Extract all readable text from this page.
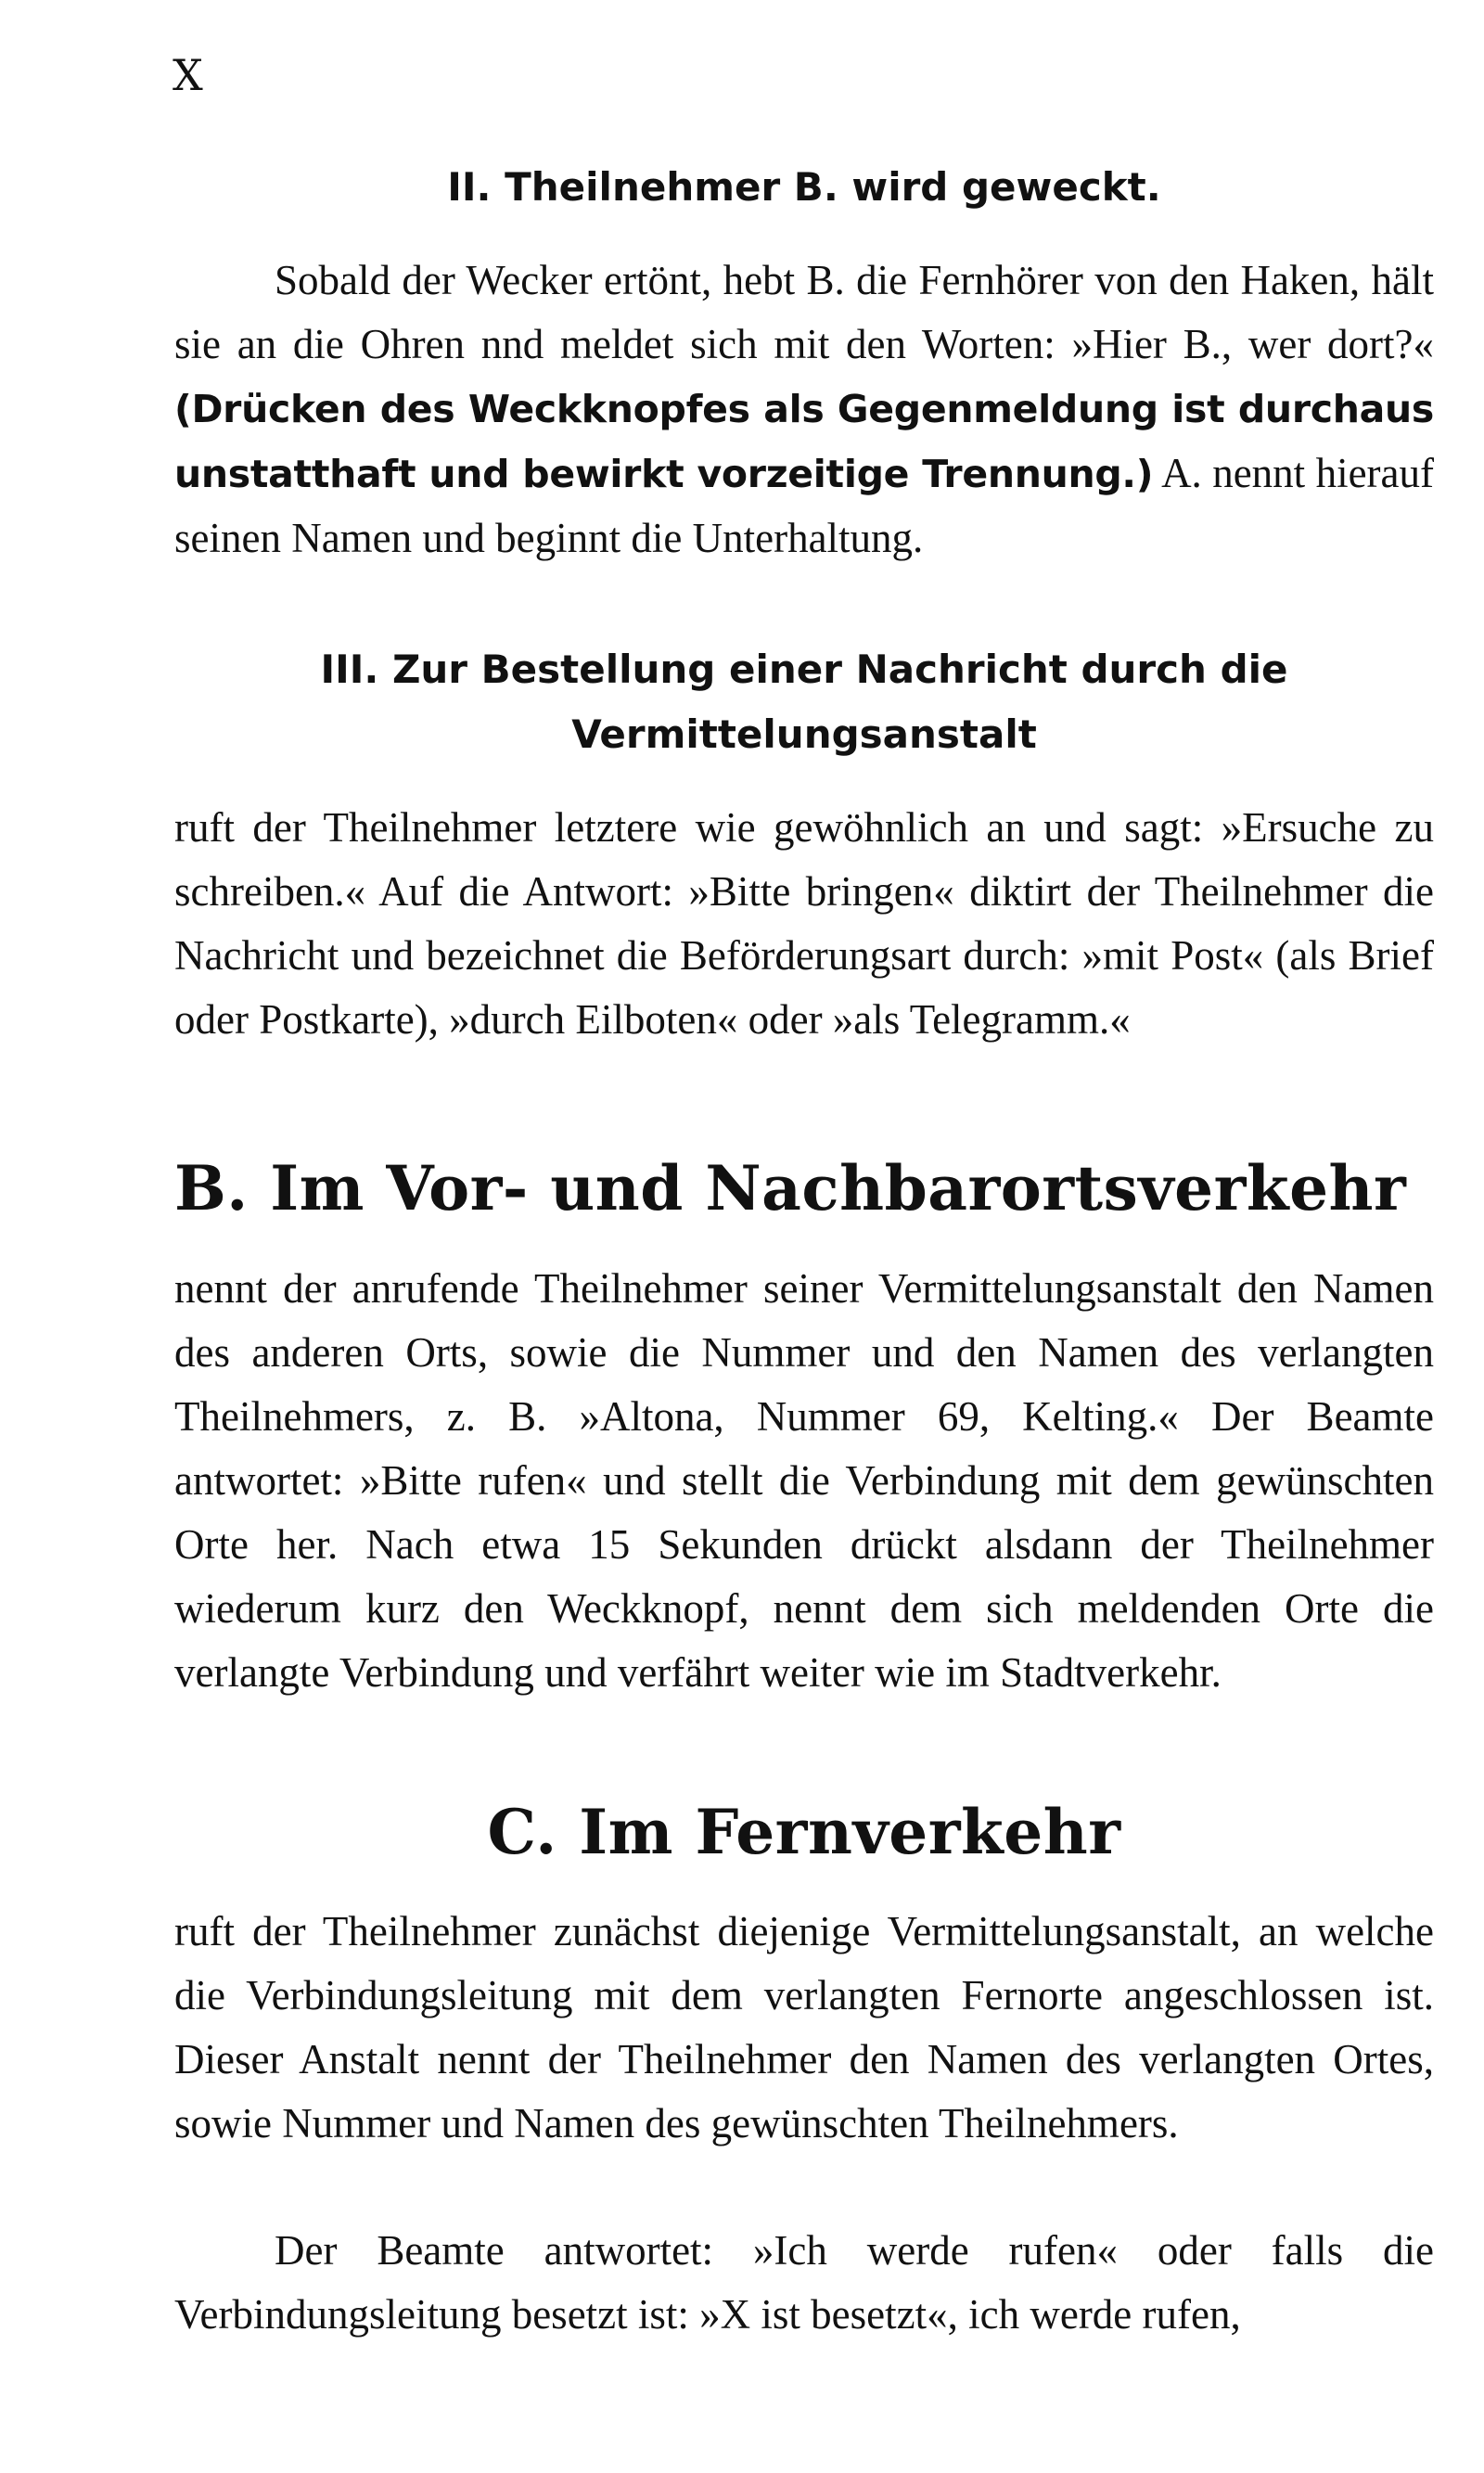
X
II. Theilnehmer B. wird geweckt.

Sobald der Wecker ertönt, hebt B. die Fernhörer von den Haken, hält sie an die Ohren nnd meldet sich mit den Worten: »Hier B., wer dort?« (Drücken des Weckknopfes als Gegenmeldung ist durchaus unstatthaft und bewirkt vorzeitige Trennung.) A. nennt hierauf seinen Namen und beginnt die Unterhaltung.

III. Zur Bestellung einer Nachricht durch die
Vermittelungsanstalt

ruft der Theilnehmer letztere wie gewöhnlich an und sagt: »Ersuche zu schreiben.« Auf die Antwort: »Bitte bringen« diktirt der Theilnehmer die Nachricht und bezeichnet die Beförderungsart durch: »mit Post« (als Brief oder Postkarte), »durch Eilboten« oder »als Telegramm.«

B. Im Vor- und Nachbarortsverkehr

nennt der anrufende Theilnehmer seiner Vermittelungsanstalt den Namen des anderen Orts, sowie die Nummer und den Namen des verlangten Theilnehmers, z. B. »Altona, Nummer 69, Kelting.« Der Beamte antwortet: »Bitte rufen« und stellt die Verbindung mit dem gewünschten Orte her. Nach etwa 15 Sekunden drückt alsdann der Theilnehmer wiederum kurz den Weckknopf, nennt dem sich meldenden Orte die verlangte Verbindung und verfährt weiter wie im Stadtverkehr.

C. Im Fernverkehr

ruft der Theilnehmer zunächst diejenige Vermittelungsanstalt, an welche die Verbindungsleitung mit dem verlangten Fernorte angeschlossen ist. Dieser Anstalt nennt der Theilnehmer den Namen des verlangten Ortes, sowie Nummer und Namen des gewünschten Theilnehmers.

Der Beamte antwortet: »Ich werde rufen« oder falls die Verbindungsleitung besetzt ist: »X ist besetzt«, ich werde rufen,
